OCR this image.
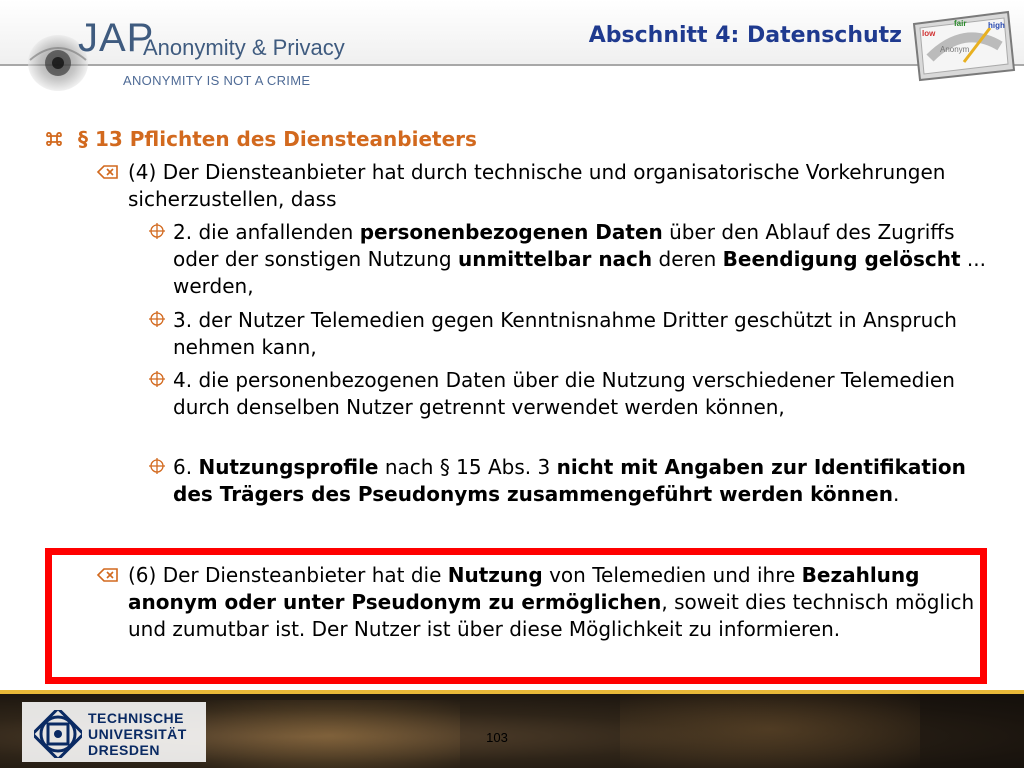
JAP
Anonymity & Privacy
ANONYMITY IS NOT A CRIME
Abschnitt 4: Datenschutz	low
fair	high
Anonym
§ 13 Pflichten des Diensteanbieters
(4) Der Diensteanbieter hat durch technische und organisatorische Vorkehrungen sicherzustellen, dass
2. die anfallenden personenbezogenen Daten über den Ablauf des Zugriffs oder der sonstigen Nutzung unmittelbar nach deren Beendigung gelöscht ... werden,
3. der Nutzer Telemedien gegen Kenntnisnahme Dritter geschützt in Anspruch nehmen kann,
4. die personenbezogenen Daten über die Nutzung verschiedener Telemedien durch denselben Nutzer getrennt verwendet werden können,
6. Nutzungsprofile nach § 15 Abs. 3 nicht mit Angaben zur Identifikation des Trägers des Pseudonyms zusammengeführt werden können.
(6) Der Diensteanbieter hat die Nutzung von Telemedien und ihre Bezahlung anonym oder unter Pseudonym zu ermöglichen, soweit dies technisch möglich und zumutbar ist. Der Nutzer ist über diese Möglichkeit zu informieren.
TECHNISCHE
UNIVERSITÄT
DRESDEN
103
